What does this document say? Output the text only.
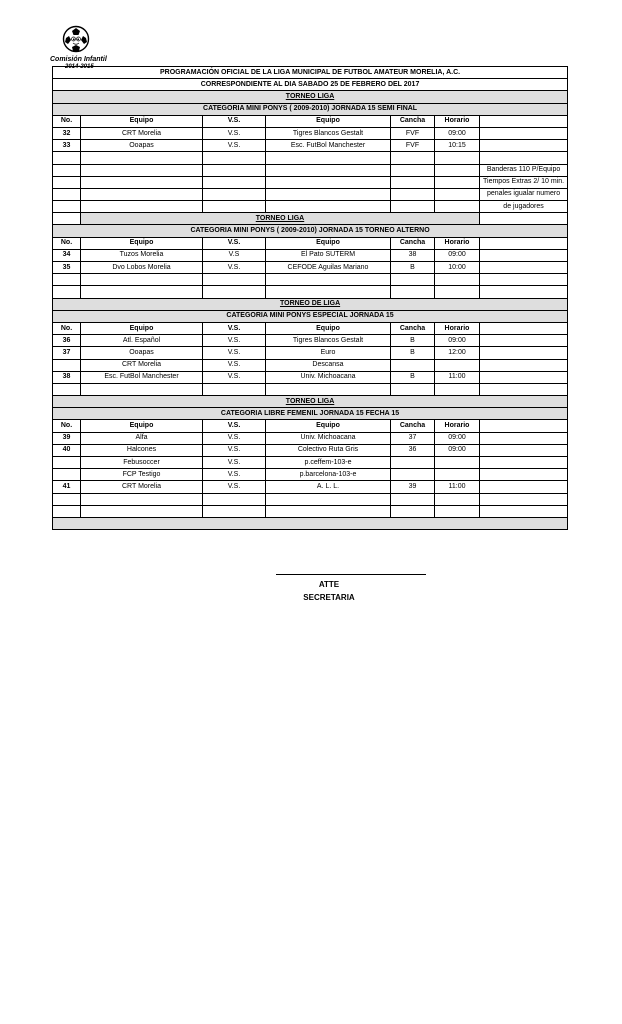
Comisión Infantil
2014-2015
PROGRAMACIÓN OFICIAL DE LA LIGA MUNICIPAL DE FUTBOL AMATEUR MORELIA, A.C.						
CORRESPONDIENTE AL DIA SABADO 25 DE FEBRERO DEL 2017						
TORNEO LIGA						
CATEGORIA MINI PONYS ( 2009-2010) JORNADA 15 SEMI FINAL						
No.	Equipo	V.S.	Equipo	Cancha	Horario	
32	CRT Morelia	V.S.	Tigres Blancos Gestalt	FVF	09:00	
33	Ooapas	V.S.	Esc. FutBol Manchester	FVF	10:15	

						Banderas 110 P/Equipo
						Tiempos Extras 2/ 10 min.
						penales igualar numero
						de jugadores
	TORNEO LIGA					
CATEGORIA MINI PONYS ( 2009-2010) JORNADA 15 TORNEO ALTERNO						
No.	Equipo	V.S.	Equipo	Cancha	Horario	
34	Tuzos Morelia	V.S	El Pato SUTERM	38	09:00	
35	Dvo Lobos Morelia	V.S.	CEFODE Aguilas Mariano	B	10:00	

TORNEO DE LIGA						
CATEGORIA MINI PONYS ESPECIAL JORNADA 15						
No.	Equipo	V.S.	Equipo	Cancha	Horario	
36	Atl. Español	V.S.	Tigres Blancos Gestalt	B	09:00	
37	Ooapas	V.S.	Euro	B	12:00	
	CRT Morelia	V.S.	Descansa			
38	Esc. FutBol Manchester	V.S.	Univ. Michoacana	B	11:00	

TORNEO LIGA						
CATEGORIA LIBRE FEMENIL JORNADA 15 FECHA 15						
No.	Equipo	V.S.	Equipo	Cancha	Horario	
39	Alfa	V.S.	Univ. Michoacana	37	09:00	
40	Halcones	V.S.	Colectivo Ruta Gris	36	09:00	
	Febusoccer	V.S.	p.ceffem-103-e			
	FCP Testigo	V.S.	p.barcelona-103-e			
41	CRT Morelia	V.S.	A. L. L.	39	11:00	

ATTE
SECRETARIA
